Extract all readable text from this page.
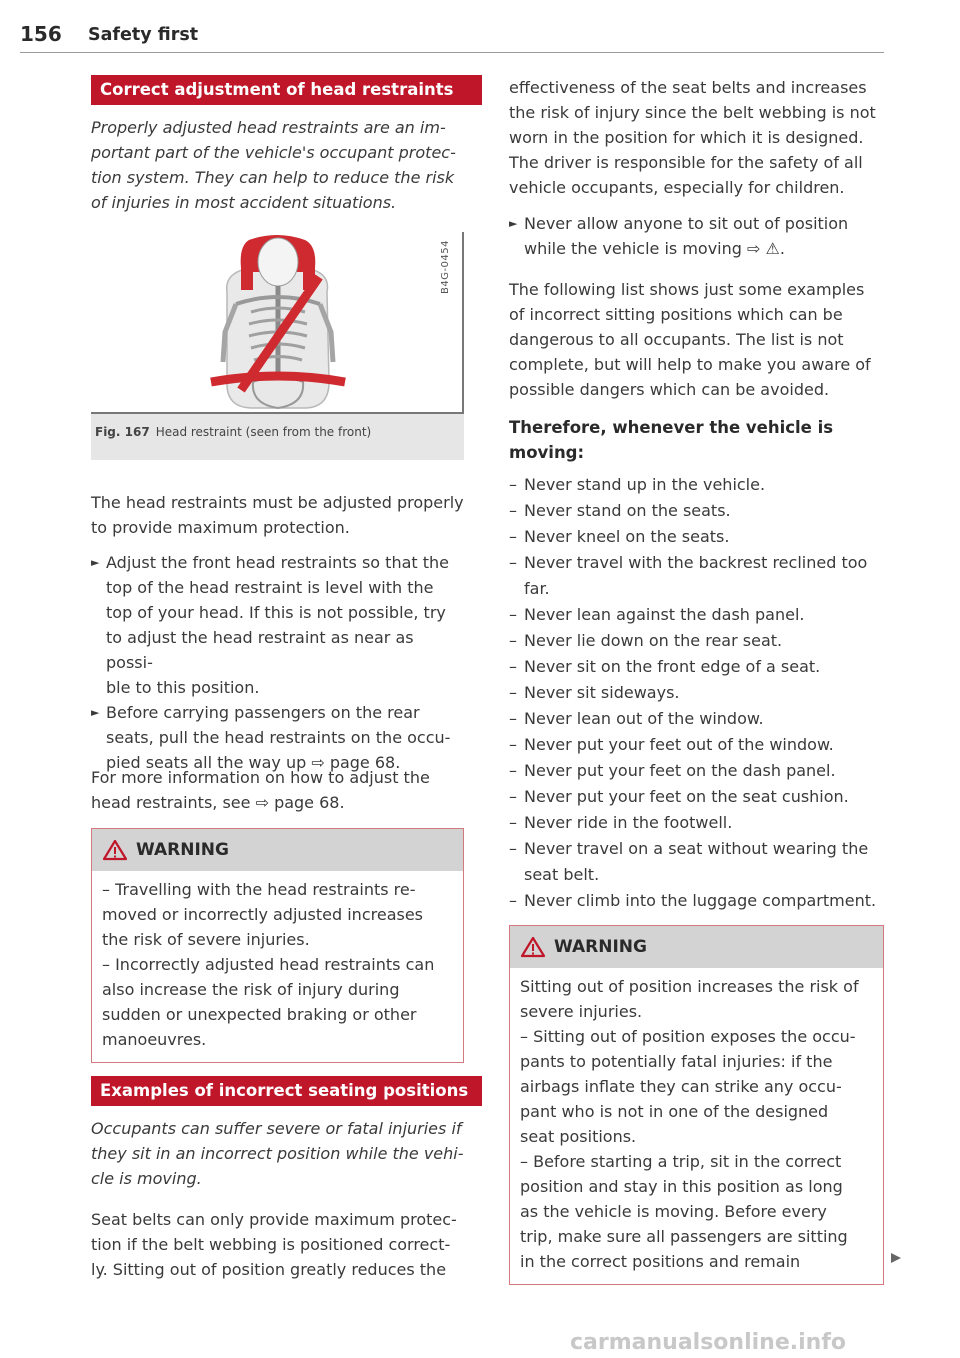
156 Safety first
Correct adjustment of head restraints
Properly adjusted head restraints are an im-
portant part of the vehicle's occupant protec-
tion system. They can help to reduce the risk
of injuries in most accident situations.
B4G-0454
Fig. 167 Head restraint (seen from the front)
The head restraints must be adjusted properly
to provide maximum protection.
► Adjust the front head restraints so that the
top of the head restraint is level with the
top of your head. If this is not possible, try
to adjust the head restraint as near as possi-
ble to this position.
► Before carrying passengers on the rear
seats, pull the head restraints on the occu-
pied seats all the way up ⇨ page 68.
For more information on how to adjust the
head restraints, see ⇨ page 68.
WARNING
– Travelling with the head restraints re-
moved or incorrectly adjusted increases
the risk of severe injuries.
– Incorrectly adjusted head restraints can
also increase the risk of injury during
sudden or unexpected braking or other
manoeuvres.
Examples of incorrect seating positions
Occupants can suffer severe or fatal injuries if
they sit in an incorrect position while the vehi-
cle is moving.
Seat belts can only provide maximum protec-
tion if the belt webbing is positioned correct-
ly. Sitting out of position greatly reduces the
effectiveness of the seat belts and increases
the risk of injury since the belt webbing is not
worn in the position for which it is designed.
The driver is responsible for the safety of all
vehicle occupants, especially for children.
► Never allow anyone to sit out of position
while the vehicle is moving ⇨ ⚠.
The following list shows just some examples
of incorrect sitting positions which can be
dangerous to all occupants. The list is not
complete, but will help to make you aware of
possible dangers which can be avoided.
Therefore, whenever the vehicle is
moving:
– Never stand up in the vehicle.
– Never stand on the seats.
– Never kneel on the seats.
– Never travel with the backrest reclined too
far.
– Never lean against the dash panel.
– Never lie down on the rear seat.
– Never sit on the front edge of a seat.
– Never sit sideways.
– Never lean out of the window.
– Never put your feet out of the window.
– Never put your feet on the dash panel.
– Never put your feet on the seat cushion.
– Never ride in the footwell.
– Never travel on a seat without wearing the
seat belt.
– Never climb into the luggage compartment.
WARNING
Sitting out of position increases the risk of
severe injuries.
– Sitting out of position exposes the occu-
pants to potentially fatal injuries: if the
airbags inflate they can strike any occu-
pant who is not in one of the designed
seat positions.
– Before starting a trip, sit in the correct
position and stay in this position as long
as the vehicle is moving. Before every
trip, make sure all passengers are sitting
in the correct positions and remain
carmanualsonline.info
